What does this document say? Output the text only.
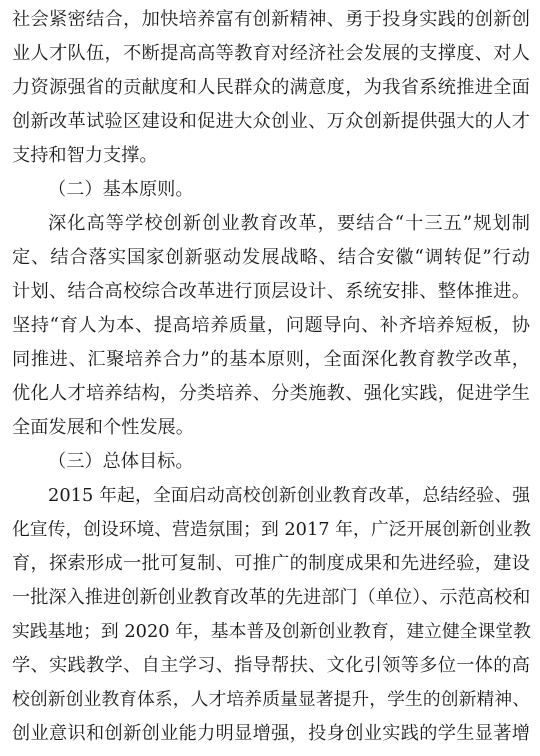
社会紧密结合，加快培养富有创新精神、勇于投身实践的创新创
业人才队伍，不断提高高等教育对经济社会发展的支撑度、对人
力资源强省的贡献度和人民群众的满意度，为我省系统推进全面
创新改革试验区建设和促进大众创业、万众创新提供强大的人才
支持和智力支撑。
（二）基本原则。
深化高等学校创新创业教育改革，要结合“十三五”规划制
定、结合落实国家创新驱动发展战略、结合安徽“调转促”行动
计划、结合高校综合改革进行顶层设计、系统安排、整体推进。
坚持“育人为本、提高培养质量，问题导向、补齐培养短板，协
同推进、汇聚培养合力”的基本原则，全面深化教育教学改革，
优化人才培养结构，分类培养、分类施教、强化实践，促进学生
全面发展和个性发展。
（三）总体目标。
2015 年起，全面启动高校创新创业教育改革，总结经验、强
化宣传，创设环境、营造氛围；到 2017 年，广泛开展创新创业教
育，探索形成一批可复制、可推广的制度成果和先进经验，建设
一批深入推进创新创业教育改革的先进部门（单位）、示范高校和
实践基地；到 2020 年，基本普及创新创业教育，建立健全课堂教
学、实践教学、自主学习、指导帮扶、文化引领等多位一体的高
校创新创业教育体系，人才培养质量显著提升，学生的创新精神、
创业意识和创新创业能力明显增强，投身创业实践的学生显著增
